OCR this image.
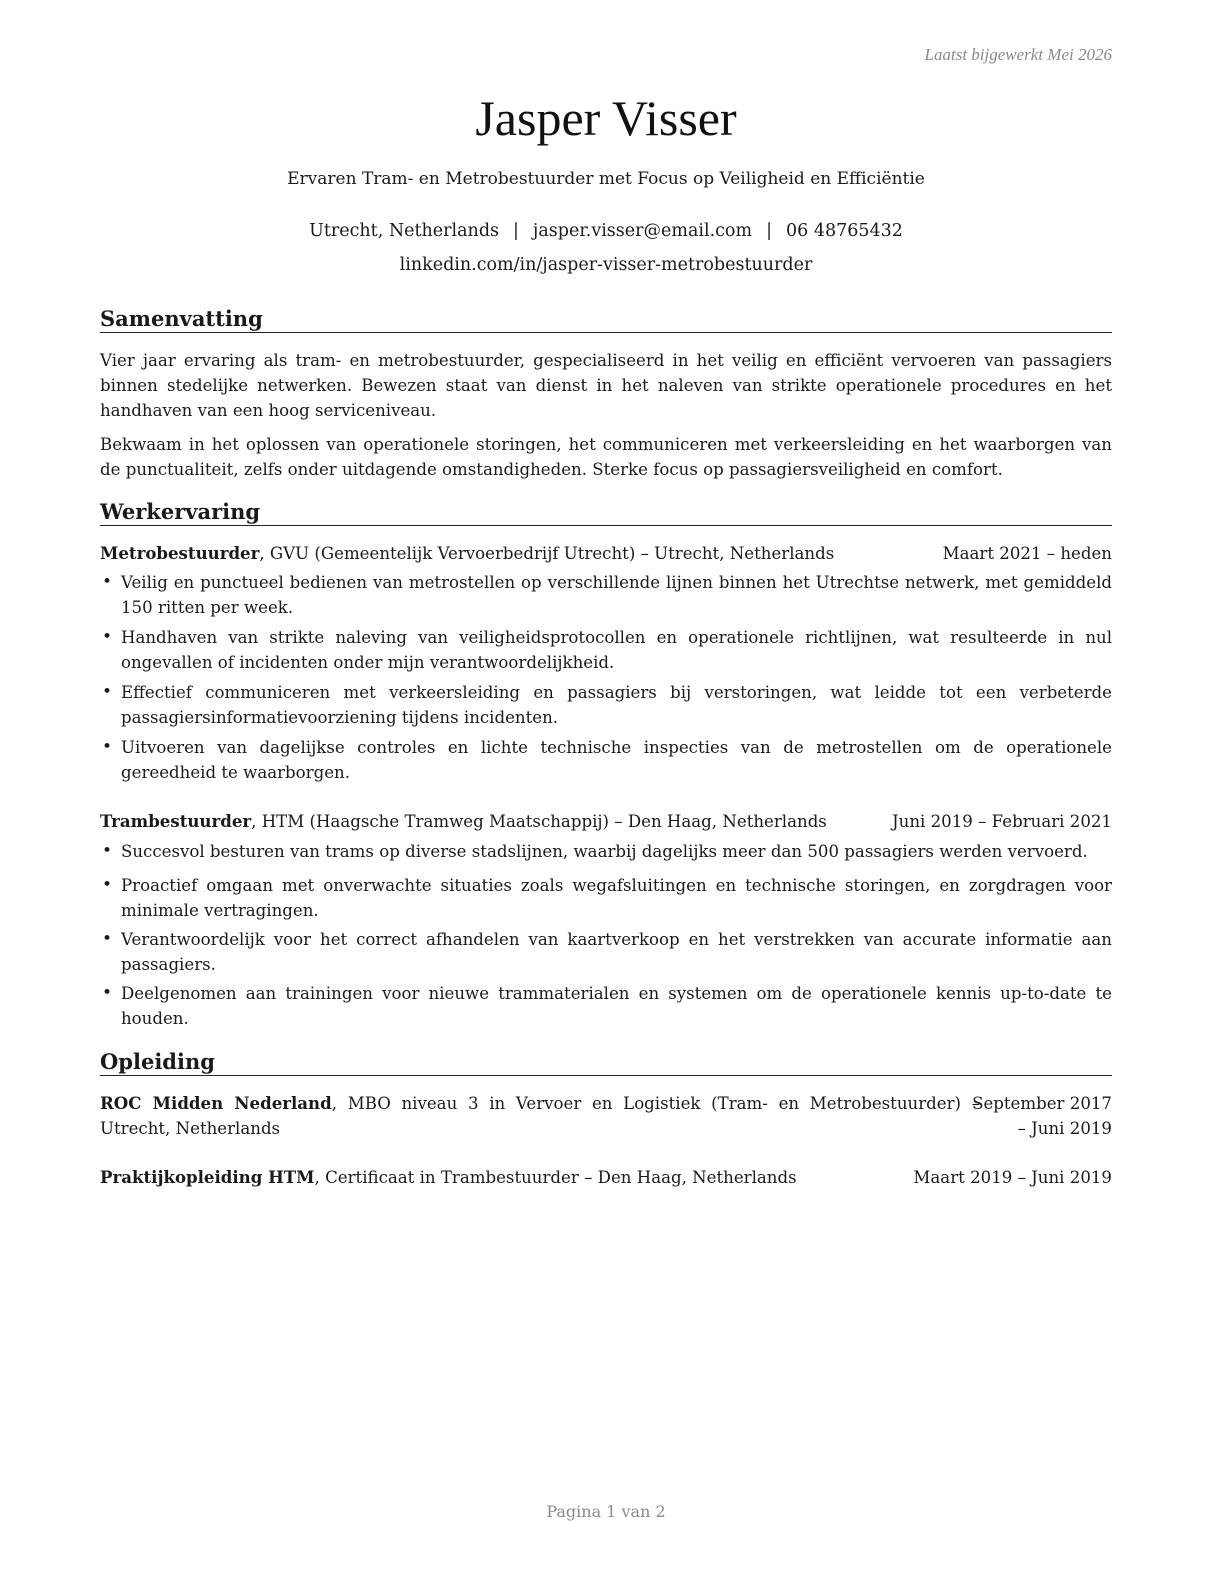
Laatst bijgewerkt Mei 2026
Jasper Visser
Ervaren Tram- en Metrobestuurder met Focus op Veiligheid en Efficiëntie
Utrecht, Netherlands | jasper.visser@email.com | 06 48765432
linkedin.com/in/jasper-visser-metrobestuurder
Samenvatting
Vier jaar ervaring als tram- en metrobestuurder, gespecialiseerd in het veilig en efficiënt vervoeren van passagiers binnen stedelijke netwerken. Bewezen staat van dienst in het naleven van strikte operationele procedures en het handhaven van een hoog serviceniveau.
Bekwaam in het oplossen van operationele storingen, het communiceren met verkeersleiding en het waarborgen van de punctualiteit, zelfs onder uitdagende omstandigheden. Sterke focus op passagiersveiligheid en comfort.
Werkervaring
Metrobestuurder, GVU (Gemeentelijk Vervoerbedrijf Utrecht) – Utrecht, Netherlands	Maart 2021 – heden
• Veilig en punctueel bedienen van metrostellen op verschillende lijnen binnen het Utrechtse netwerk, met gemiddeld 150 ritten per week.
• Handhaven van strikte naleving van veiligheidsprotocollen en operationele richtlijnen, wat resulteerde in nul ongevallen of incidenten onder mijn verantwoordelijkheid.
• Effectief communiceren met verkeersleiding en passagiers bij verstoringen, wat leidde tot een verbeterde passagiersinformatievoorziening tijdens incidenten.
• Uitvoeren van dagelijkse controles en lichte technische inspecties van de metrostellen om de operationele gereedheid te waarborgen.
Trambestuurder, HTM (Haagsche Tramweg Maatschappij) – Den Haag, Netherlands	Juni 2019 – Februari 2021
• Succesvol besturen van trams op diverse stadslijnen, waarbij dagelijks meer dan 500 passagiers werden vervoerd.
• Proactief omgaan met onverwachte situaties zoals wegafsluitingen en technische storingen, en zorgdragen voor minimale vertragingen.
• Verantwoordelijk voor het correct afhandelen van kaartverkoop en het verstrekken van accurate informatie aan passagiers.
• Deelgenomen aan trainingen voor nieuwe trammaterialen en systemen om de operationele kennis up-to-date te houden.
Opleiding
ROC Midden Nederland, MBO niveau 3 in Vervoer en Logistiek (Tram- en Metrobestuurder) – Utrecht, Netherlands
September 2017 – Juni 2019
Praktijkopleiding HTM, Certificaat in Trambestuurder – Den Haag, Netherlands	Maart 2019 – Juni 2019
Pagina 1 van 2
